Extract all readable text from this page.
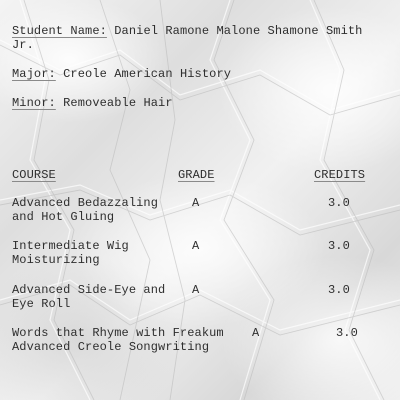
Student Name: Daniel Ramone Malone Shamone Smith
Jr.
Major: Creole American History
Minor: Removeable Hair
COURSE	GRADE	CREDITS
Advanced Bedazzaling
and Hot Gluing
A	3.0
Intermediate Wig
Moisturizing
A	3.0
Advanced Side-Eye and
Eye Roll
A	3.0
Words that Rhyme with Freakum
Advanced Creole Songwriting
A	3.0
